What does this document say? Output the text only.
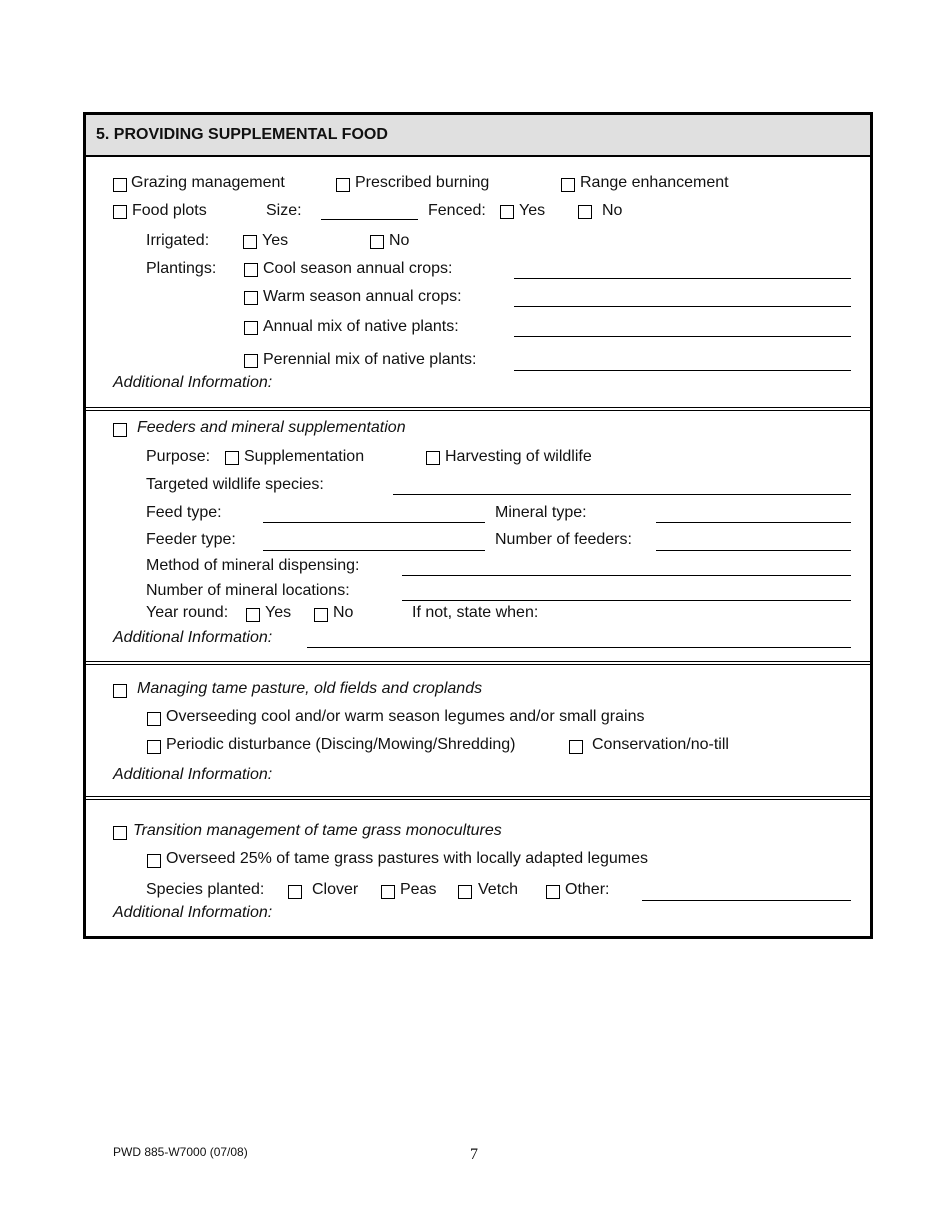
5. PROVIDING SUPPLEMENTAL FOOD
Grazing management	Prescribed burning	Range enhancement
Food plots	Size:	Fenced: Yes	No
Irrigated:	Yes	No
Plantings:	Cool season annual crops:
Warm season annual crops:
Annual mix of native plants:
Perennial mix of native plants:
Additional Information:
Feeders and mineral supplementation
Purpose: Supplementation	Harvesting of wildlife
Targeted wildlife species:
Feed type:	Mineral type:
Feeder type:	Number of feeders:
Method of mineral dispensing:
Number of mineral locations:
Year round: Yes	No	If not, state when:
Additional Information:
Managing tame pasture, old fields and croplands
Overseeding cool and/or warm season legumes and/or small grains
Periodic disturbance (Discing/Mowing/Shredding)	Conservation/no-till
Additional Information:
Transition management of tame grass monocultures
Overseed 25% of tame grass pastures with locally adapted legumes
Species planted:	Clover	Peas	Vetch	Other:
Additional Information:
PWD 885-W7000 (07/08)	7
